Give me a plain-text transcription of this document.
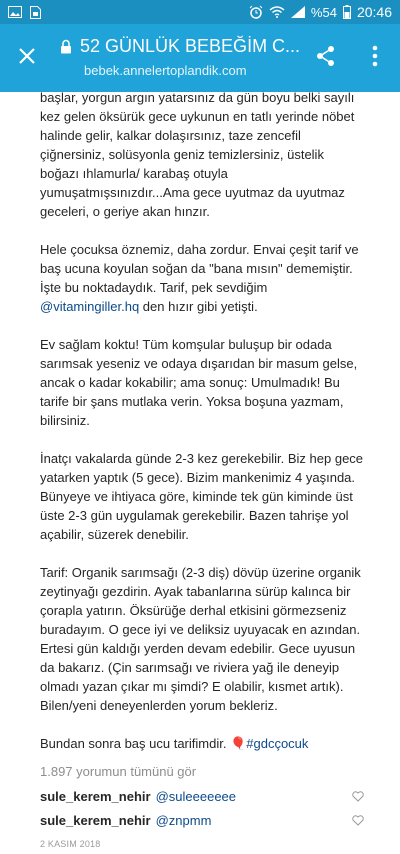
%54 20:46
52 GÜNLÜK BEBEĞİM C...
bebek.annelertoplandik.com

başlar, yorgun argın yatarsınız da gün boyu belki sayılı kez gelen öksürük gece uykunun en tatlı yerinde nöbet halinde gelir, kalkar dolaşırsınız, taze zencefil çiğnersiniz, solüsyonla geniz temizlersiniz, üstelik boğazı ıhlamurla/ karabaş otuyla yumuşatmışsınızdır...Ama gece uyutmaz da uyutmaz geceleri, o geriye akan hınzır.

Hele çocuksa öznemiz, daha zordur. Envai çeşit tarif ve baş ucuna koyulan soğan da "bana mısın" dememiştir. İşte bu noktadaydık. Tarif, pek sevdiğim @vitamingiller.hq den hızır gibi yetişti.

Ev sağlam koktu! Tüm komşular buluşup bir odada sarımsak yeseniz ve odaya dışarıdan bir masum gelse, ancak o kadar kokabilir; ama sonuç: Umulmadık! Bu tarife bir şans mutlaka verin. Yoksa boşuna yazmam, bilirsiniz.

İnatçı vakalarda günde 2-3 kez gerekebilir. Biz hep gece yatarken yaptık (5 gece). Bizim mankenimiz 4 yaşında. Bünyeye ve ihtiyaca göre, kiminde tek gün kiminde üst üste 2-3 gün uygulamak gerekebilir. Bazen tahrişe yol açabilir, süzerek denebilir.

Tarif: Organik sarımsağı (2-3 diş) dövüp üzerine organik zeytinyağı gezdirin. Ayak tabanlarına sürüp kalınca bir çorapla yatırın. Öksürüğe derhal etkisini görmezseniz buradayım. O gece iyi ve deliksiz uyuyacak en azından. Ertesi gün kaldığı yerden devam edebilir. Gece uyusun da bakarız. (Çin sarımsağı ve riviera yağ ile deneyip olmadı yazan çıkar mı şimdi? E olabilir, kısmet artık). Bilen/yeni deneyenlerden yorum bekleriz.

Bundan sonra baş ucu tarifimdir. 🎈#gdcçocuk

1.897 yorumun tümünü gör
sule_kerem_nehir @suleeeeeee
sule_kerem_nehir @znpmm
2 KASIM 2018
